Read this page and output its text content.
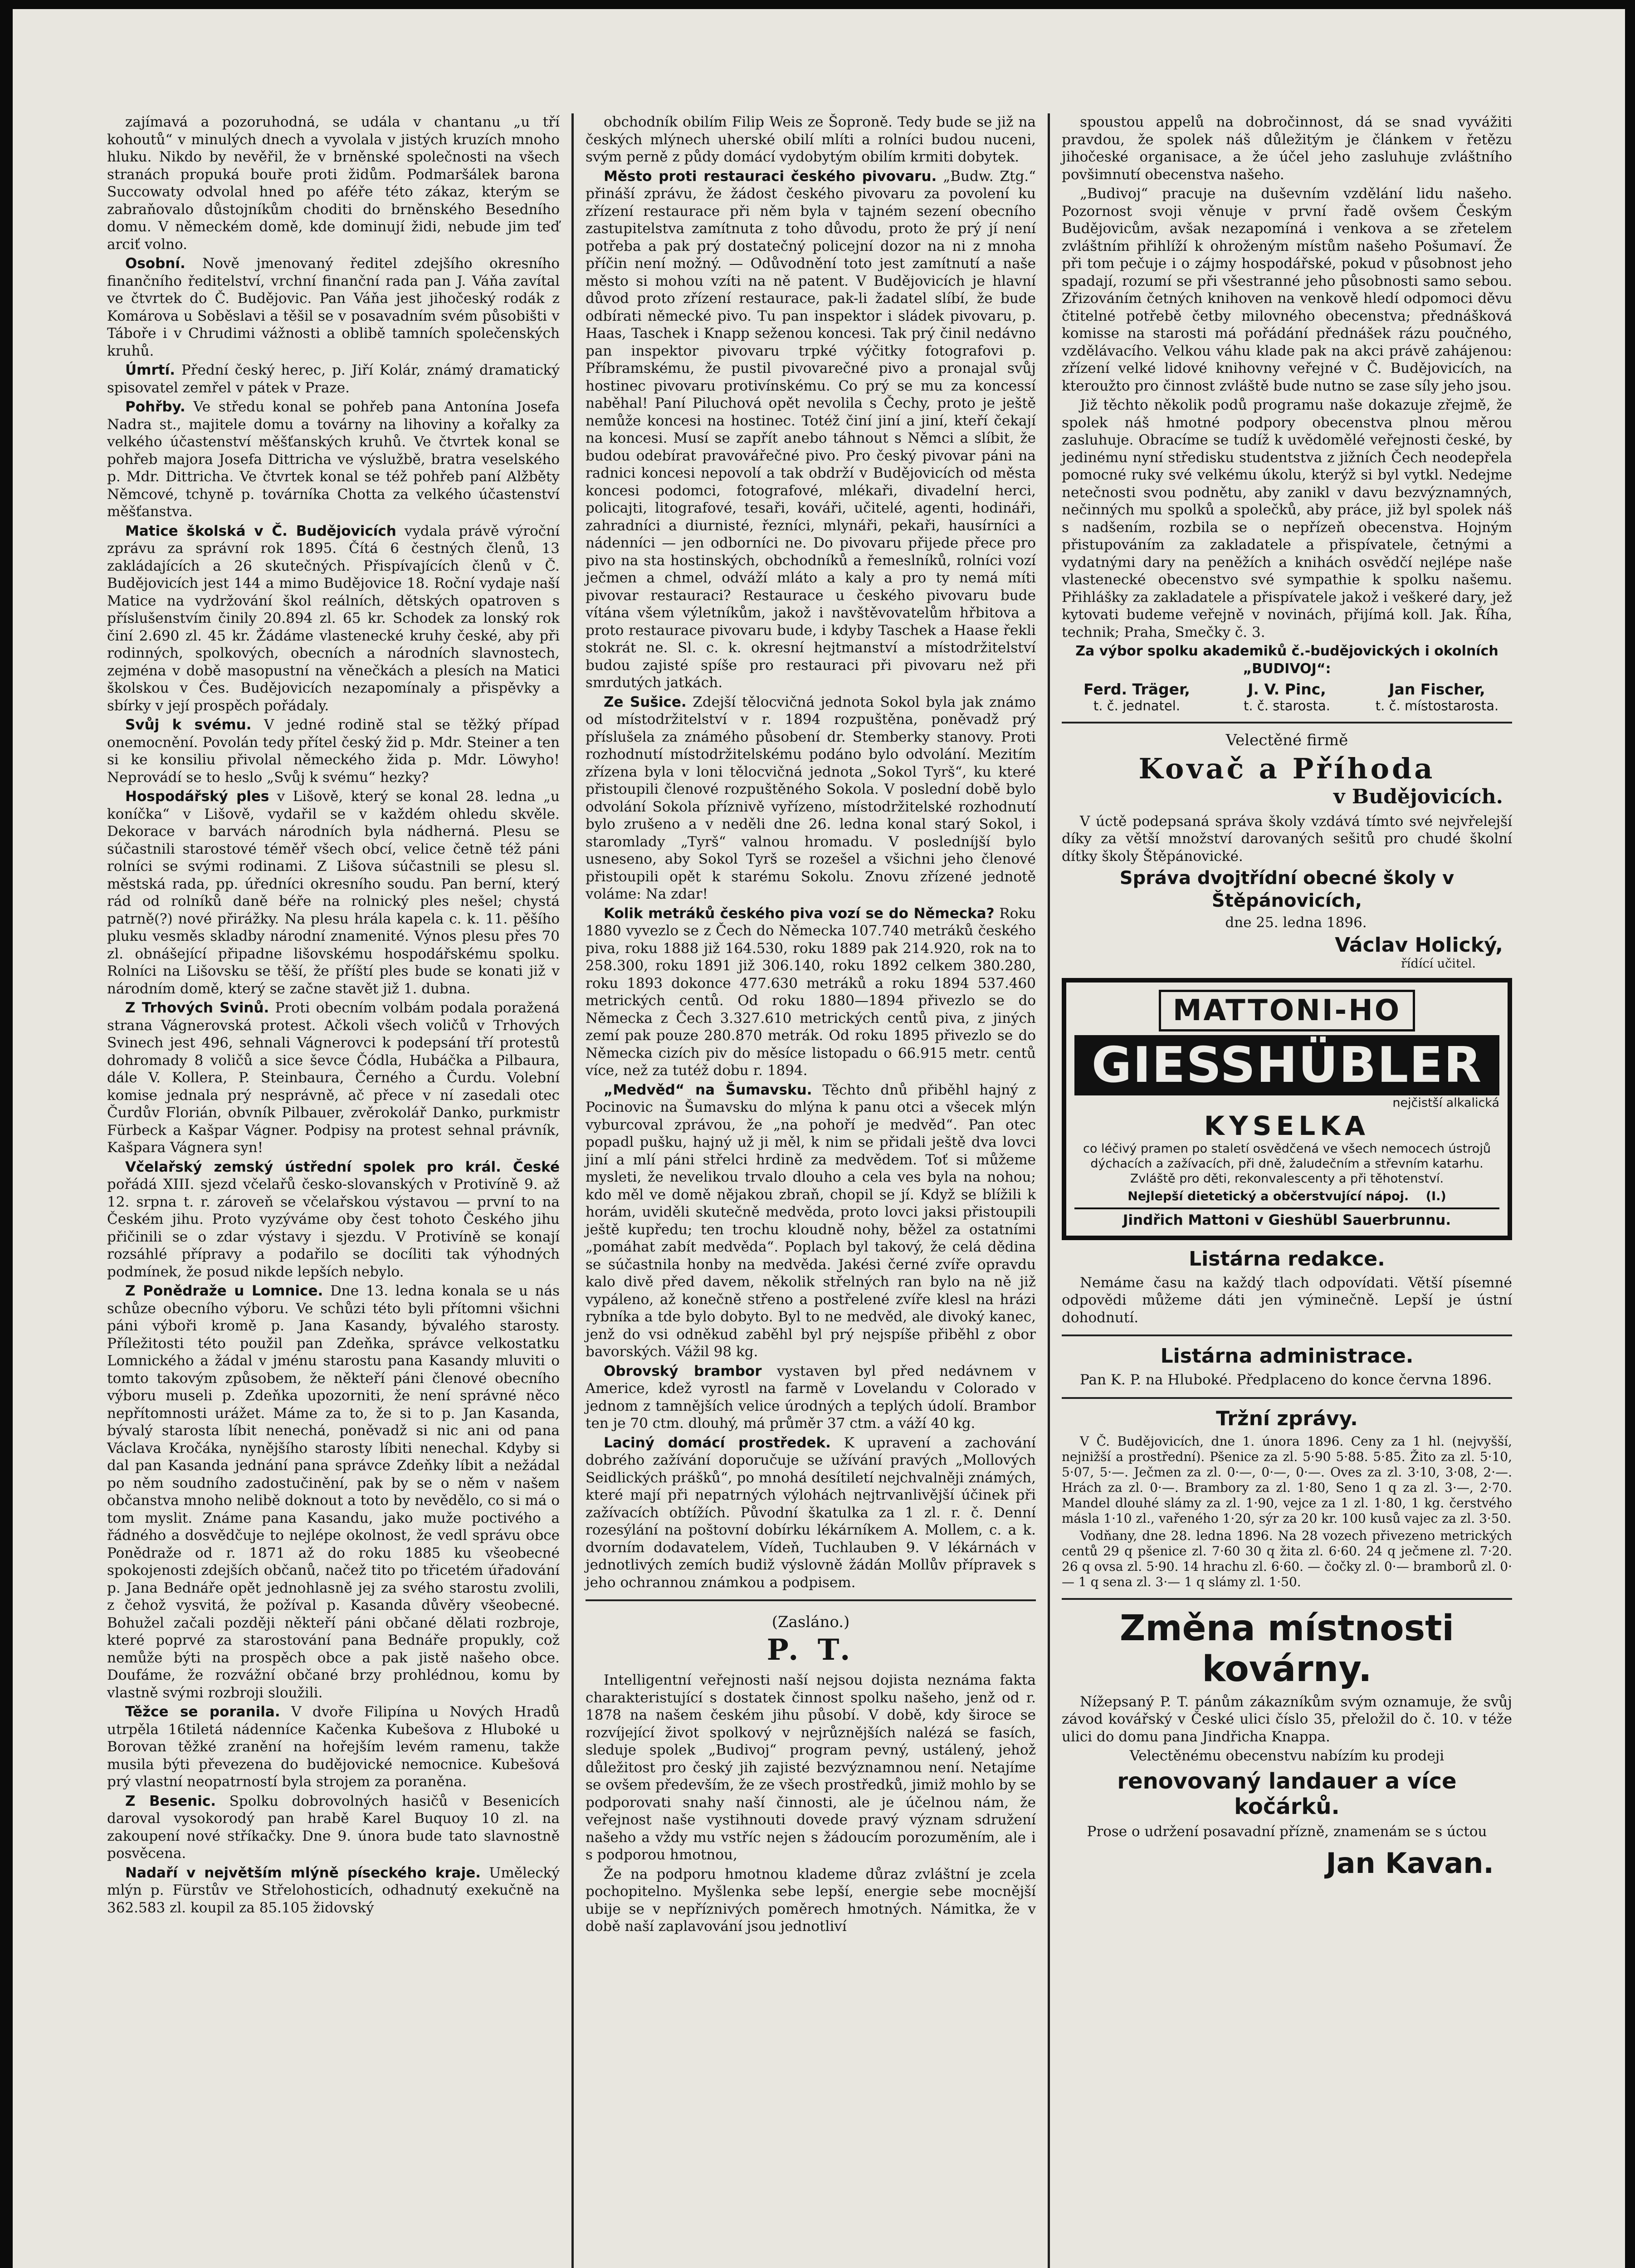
zajímavá a pozoruhodná, se udála v chantanu „u tří kohoutů“ v minulých dnech a vyvolala v jistých kruzích mnoho hluku. Nikdo by nevěřil, že v brněnské společnosti na všech stranách propuká bouře proti židům. Podmaršálek barona Succowaty odvolal hned po aféře této zákaz, kterým se zabraňovalo důstojníkům choditi do brněnského Besedního domu. V německém domě, kde dominují židi, nebude jim teď arciť volno.

Osobní. Nově jmenovaný ředitel zdejšího okresního finančního ředitelství, vrchní finanční rada pan J. Váňa zavítal ve čtvrtek do Č. Budějovic. Pan Váňa jest jihočeský rodák z Komárova u Soběslavi a těšil se v posavadním svém působišti v Táboře i v Chrudimi vážnosti a oblibě tamních společenských kruhů.

Úmrtí. Přední český herec, p. Jiří Kolár, známý dramatický spisovatel zemřel v pátek v Praze.

Pohřby. Ve středu konal se pohřeb pana Antonína Josefa Nadra st., majitele domu a továrny na lihoviny a kořalky za velkého účastenství měšťanských kruhů. Ve čtvrtek konal se pohřeb majora Josefa Dittricha ve výslužbě, bratra veselského p. Mdr. Dittricha. Ve čtvrtek konal se též pohřeb paní Alžběty Němcové, tchyně p. továrníka Chotta za velkého účastenství měšťanstva.

Matice školská v Č. Budějovicích vydala právě výroční zprávu za správní rok 1895. Čítá 6 čestných členů, 13 zakládajících a 26 skutečných. Přispívajících členů v Č. Budějovicích jest 144 a mimo Budějovice 18. Roční vydaje naší Matice na vydržování škol reálních, dětských opatroven s příslušenstvím činily 20.894 zl. 65 kr. Schodek za lonský rok činí 2.690 zl. 45 kr. Žádáme vlastenecké kruhy české, aby při rodinných, spolkových, obecních a národních slavnostech, zejména v době masopustní na věnečkách a plesích na Matici školskou v Čes. Budějovicích nezapomínaly a přispěvky a sbírky v její prospěch pořádaly.

Svůj k svému. V jedné rodině stal se těžký případ onemocnění. Povolán tedy přítel český žid p. Mdr. Steiner a ten si ke konsiliu přivolal německého žida p. Mdr. Löwyho! Neprovádí se to heslo „Svůj k svému“ hezky?

Hospodářský ples v Lišově, který se konal 28. ledna „u koníčka“ v Lišově, vydařil se v každém ohledu skvěle. Dekorace v barvách národních byla nádherná. Plesu se súčastnili starostové téměř všech obcí, velice četně též páni rolníci se svými rodinami. Z Lišova súčastnili se plesu sl. městská rada, pp. úředníci okresního soudu. Pan berní, který rád od rolníků daně béře na rolnický ples nešel; chystá patrně(?) nové přirážky. Na plesu hrála kapela c. k. 11. pěšího pluku vesměs skladby národní znamenité. Výnos plesu přes 70 zl. obnášející připadne lišovskému hospodářskému spolku. Rolníci na Lišovsku se těší, že příští ples bude se konati již v národním domě, který se začne stavět již 1. dubna.

Z Trhových Svinů. Proti obecním volbám podala poražená strana Vágnerovská protest. Ačkoli všech voličů v Trhových Svinech jest 496, sehnali Vágnerovci k podepsání tří protestů dohromady 8 voličů a sice ševce Čódla, Hubáčka a Pilbaura, dále V. Kollera, P. Steinbaura, Černého a Čurdu. Volební komise jednala prý nesprávně, ač přece v ní zasedali otec Čurdův Florián, obvník Pilbauer, zvěrokolář Danko, purkmistr Fürbeck a Kašpar Vágner. Podpisy na protest sehnal právník, Kašpara Vágnera syn!

Včelařský zemský ústřední spolek pro král. České pořádá XIII. sjezd včelařů česko-slovanských v Protivíně 9. až 12. srpna t. r. zároveň se včelařskou výstavou — první to na Českém jihu. Proto vyzýváme oby čest tohoto Českého jihu přičinili se o zdar výstavy i sjezdu. V Protivíně se konají rozsáhlé přípravy a podařilo se docíliti tak výhodných podmínek, že posud nikde lepších nebylo.

Z Ponědraže u Lomnice. Dne 13. ledna konala se u nás schůze obecního výboru. Ve schůzi této byli přítomni všichni páni výboři kromě p. Jana Kasandy, bývalého starosty. Příležitosti této použil pan Zdeňka, správce velkostatku Lomnického a žádal v jménu starostu pana Kasandy mluviti o tomto takovým způsobem, že někteří páni členové obecního výboru museli p. Zdeňka upozorniti, že není správné něco nepřítomnosti urážet. Máme za to, že si to p. Jan Kasanda, bývalý starosta líbit nenechá, poněvadž si nic ani od pana Václava Kročáka, nynějšího starosty líbiti nenechal. Kdyby si dal pan Kasanda jednání pana správce Zdeňky líbit a nežádal po něm soudního zadostučinění, pak by se o něm v našem občanstva mnoho nelibě doknout a toto by nevědělo, co si má o tom myslit. Známe pana Kasandu, jako muže poctivého a řádného a dosvědčuje to nejlépe okolnost, že vedl správu obce Ponědraže od r. 1871 až do roku 1885 ku všeobecné spokojenosti zdejších občanů, načež tito po třicetém úřadování p. Jana Bednáře opět jednohlasně jej za svého starostu zvolili, z čehož vysvitá, že požíval p. Kasanda důvěry všeobecné. Bohužel začali později někteří páni občané dělati rozbroje, které poprvé za starostování pana Bednáře propukly, což nemůže býti na prospěch obce a pak jistě našeho obce. Doufáme, že rozvážní občané brzy prohlédnou, komu by vlastně svými rozbroji sloužili.

Těžce se poranila. V dvoře Filipína u Nových Hradů utrpěla 16tiletá nádenníce Kačenka Kubešova z Hluboké u Borovan těžké zranění na hořejším levém ramenu, takže musila býti převezena do budějovické nemocnice. Kubešová prý vlastní neopatrností byla strojem za poraněna.

Z Besenic. Spolku dobrovolných hasičů v Besenicích daroval vysokorodý pan hrabě Karel Buquoy 10 zl. na zakoupení nové stříkačky. Dne 9. února bude tato slavnostně posvěcena.

Nadaří v největším mlýně píseckého kraje. Umělecký mlýn p. Fürstův ve Střelohosticích, odhadnutý exekučně na 362.583 zl. koupil za 85.105 židovský

obchodník obilím Filip Weis ze Šoproně. Tedy bude se již na českých mlýnech uherské obilí mlíti a rolníci budou nuceni, svým perně z půdy domácí vydobytým obilím krmiti dobytek.

Město proti restauraci českého pivovaru. „Budw. Ztg.“ přináší zprávu, že žádost českého pivovaru za povolení ku zřízení restaurace při něm byla v tajném sezení obecního zastupitelstva zamítnuta z toho důvodu, proto že prý jí není potřeba a pak prý dostatečný policejní dozor na ni z mnoha příčin není možný. — Odůvodnění toto jest zamítnutí a naše město si mohou vzíti na ně patent. V Budějovicích je hlavní důvod proto zřízení restaurace, pak-li žadatel slíbí, že bude odbírati německé pivo. Tu pan inspektor i sládek pivovaru, p. Haas, Taschek i Knapp seženou koncesi. Tak prý činil nedávno pan inspektor pivovaru trpké výčitky fotografovi p. Příbramskému, že pustil pivovarečné pivo a pronajal svůj hostinec pivovaru protivínskému. Co prý se mu za koncessí naběhal! Paní Piluchová opět nevolila s Čechy, proto je ještě nemůže koncesi na hostinec. Totéž činí jiní a jiní, kteří čekají na koncesi. Musí se zapřít anebo táhnout s Němci a slíbit, že budou odebírat pravovářečné pivo. Pro český pivovar páni na radnici koncesi nepovolí a tak obdrží v Budějovicích od města koncesi podomci, fotografové, mlékaři, divadelní herci, policajti, litografové, tesaři, kováři, učitelé, agenti, hodináři, zahradníci a diurnisté, řezníci, mlynáři, pekaři, hausírníci a nádenníci — jen odborníci ne. Do pivovaru přijede přece pro pivo na sta hostinských, obchodníků a řemeslníků, rolníci vozí ječmen a chmel, odváží mláto a kaly a pro ty nemá míti pivovar restauraci? Restaurace u českého pivovaru bude vítána všem výletníkům, jakož i navštěvovatelům hřbitova a proto restaurace pivovaru bude, i kdyby Taschek a Haase řekli stokrát ne. Sl. c. k. okresní hejtmanství a místodržitelství budou zajisté spíše pro restauraci při pivovaru než při smrdutých jatkách.

Ze Sušice. Zdejší tělocvičná jednota Sokol byla jak známo od místodržitelství v r. 1894 rozpuštěna, poněvadž prý příslušela za známého působení dr. Stemberky stanovy. Proti rozhodnutí místodržitelskému podáno bylo odvolání. Mezitím zřízena byla v loni tělocvičná jednota „Sokol Tyrš“, ku které přistoupili členové rozpuštěného Sokola. V poslední době bylo odvolání Sokola příznivě vyřízeno, místodržitelské rozhodnutí bylo zrušeno a v neděli dne 26. ledna konal starý Sokol, i staromlady „Tyrš“ valnou hromadu. V posledníjší bylo usneseno, aby Sokol Tyrš se rozešel a všichni jeho členové přistoupili opět k starému Sokolu. Znovu zřízené jednotě voláme: Na zdar!

Kolik metráků českého piva vozí se do Německa? Roku 1880 vyvezlo se z Čech do Německa 107.740 metráků českého piva, roku 1888 již 164.530, roku 1889 pak 214.920, rok na to 258.300, roku 1891 již 306.140, roku 1892 celkem 380.280, roku 1893 dokonce 477.630 metráků a roku 1894 537.460 metrických centů. Od roku 1880—1894 přivezlo se do Německa z Čech 3.327.610 metrických centů piva, z jiných zemí pak pouze 280.870 metrák. Od roku 1895 přivezlo se do Německa cizích piv do měsíce listopadu o 66.915 metr. centů více, než za tutéž dobu r. 1894.

„Medvěd“ na Šumavsku. Těchto dnů přiběhl hajný z Pocinovic na Šumavsku do mlýna k panu otci a všecek mlýn vyburcoval zprávou, že „na pohoří je medvěd“. Pan otec popadl pušku, hajný už ji měl, k nim se přidali ještě dva lovci jiní a mlí páni střelci hrdině za medvědem. Toť si můžeme mysleti, že nevelikou trvalo dlouho a cela ves byla na nohou; kdo měl ve domě nějakou zbraň, chopil se jí. Když se blížili k horám, uviděli skutečně medvěda, proto lovci jaksi přistoupili ještě kupředu; ten trochu kloudně nohy, běžel za ostatními „pomáhat zabít medvěda“. Poplach byl takový, že celá dědina se súčastnila honby na medvěda. Jakési černé zvíře opravdu kalo divě před davem, několik střelných ran bylo na ně již vypáleno, až konečně střeno a postřelené zvíře klesl na hrázi rybníka a tde bylo dobyto. Byl to ne medvěd, ale divoký kanec, jenž do vsi odněkud zaběhl byl prý nejspíše přiběhl z obor bavorských. Vážil 98 kg.

Obrovský brambor vystaven byl před nedávnem v Americe, kdež vyrostl na farmě v Lovelandu v Colorado v jednom z tamnějších velice úrodných a teplých údolí. Brambor ten je 70 ctm. dlouhý, má průměr 37 ctm. a váží 40 kg.

Laciný domácí prostředek. K upravení a zachování dobrého zažívání doporučuje se užívání pravých „Mollových Seidlických prášků“, po mnohá desítiletí nejchvalněji známých, které mají při nepatrných výlohách nejtrvanlivější účinek při zažívacích obtížích. Původní škatulka za 1 zl. r. č. Denní rozesýlání na poštovní dobírku lékárníkem A. Mollem, c. a k. dvorním dodavatelem, Vídeň, Tuchlauben 9. V lékárnách v jednotlivých zemích budiž výslovně žádán Mollův přípravek s jeho ochrannou známkou a podpisem.

(Zasláno.)
P. T.

Intelligentní veřejnosti naší nejsou dojista neznáma fakta charakteristující s dostatek činnost spolku našeho, jenž od r. 1878 na našem českém jihu působí. V době, kdy široce se rozvíjející život spolkový v nejrůznějších nalézá se fasích, sleduje spolek „Budivoj“ program pevný, ustálený, jehož důležitost pro český jih zajisté bezvýznamnou není. Netajíme se ovšem především, že ze všech prostředků, jimiž mohlo by se podporovati snahy naší činnosti, ale je účelnou nám, že veřejnost naše vystihnouti dovede pravý význam sdružení našeho a vždy mu vstříc nejen s žádoucím porozuměním, ale i s podporou hmotnou,

Že na podporu hmotnou klademe důraz zvláštní je zcela pochopitelno. Myšlenka sebe lepší, energie sebe mocnější ubije se v nepříznivých poměrech hmotných. Námitka, že v době naší zaplavování jsou jednotliví

spoustou appelů na dobročinnost, dá se snad vyvážiti pravdou, že spolek náš důležitým je článkem v řetězu jihočeské organisace, a že účel jeho zasluhuje zvláštního povšimnutí obecenstva našeho.

„Budivoj“ pracuje na duševním vzdělání lidu našeho. Pozornost svoji věnuje v první řadě ovšem Českým Budějovicům, avšak nezapomíná i venkova a se zřetelem zvláštním přihlíží k ohroženým místům našeho Pošumaví. Že při tom pečuje i o zájmy hospodářské, pokud v působnost jeho spadají, rozumí se při všestranné jeho působnosti samo sebou. Zřizováním četných knihoven na venkově hledí odpomoci děvu čtitelné potřebě četby milovného obecenstva; přednášková komisse na starosti má pořádání přednášek rázu poučného, vzdělávacího. Velkou váhu klade pak na akci právě zahájenou: zřízení velké lidové knihovny veřejné v Č. Budějovicích, na kteroužto pro činnost zvláště bude nutno se zase síly jeho jsou.

Již těchto několik podů programu naše dokazuje zřejmě, že spolek náš hmotné podpory obecenstva plnou měrou zasluhuje. Obracíme se tudíž k uvědomělé veřejnosti české, by jedinému nyní středisku studentstva z jižních Čech neodepřela pomocné ruky své velkému úkolu, kterýž si byl vytkl. Nedejme netečnosti svou podnětu, aby zanikl v davu bezvýznamných, nečinných mu spolků a společků, aby práce, již byl spolek náš s nadšením, rozbila se o nepřízeň obecenstva. Hojným přistupováním za zakladatele a přispívatele, četnými a vydatnými dary na peněžích a knihách osvědčí nejlépe naše vlastenecké obecenstvo své sympathie k spolku našemu. Přihlášky za zakladatele a přispívatele jakož i veškeré dary, jež kytovati budeme veřejně v novinách, přijímá koll. Jak. Říha, technik; Praha, Smečky č. 3.

Za výbor spolku akademiků č.-budějovických i okolních „BUDIVOJ“:

Ferd. Träger,
t. č. jednatel.
J. V. Pinc,
t. č. starosta.
Jan Fischer,
t. č. místostarosta.

Velectěné firmě

Kovač a Příhoda
v Budějovicích.

V úctě podepsaná správa školy vzdává tímto své nejvřelejší díky za větší množství darovaných sešitů pro chudé školní dítky školy Štěpánovické.

Správa dvojtřídní obecné školy v Štěpánovicích,

dne 25. ledna 1896.

Václav Holický,
řídící učitel.
MATTONI-HO
GIESSHÜBLER
nejčistší alkalická
KYSELKA
co léčivý pramen po staletí osvědčená ve všech nemocech ústrojů dýchacích a zažívacích, při dně, žaludečním a střevním katarhu. Zvláště pro děti, rekonvalescenty a při těhotenství.
Nejlepší dietetický a občerstvující nápoj. (I.)
Jindřich Mattoni v Gieshübl Sauerbrunnu.
Listárna redakce.

Nemáme času na každý tlach odpovídati. Větší písemné odpovědi můžeme dáti jen výminečně. Lepší je ústní dohodnutí.

Listárna administrace.

Pan K. P. na Hluboké. Předplaceno do konce června 1896.

Tržní zprávy.

V Č. Budějovicích, dne 1. února 1896. Ceny za 1 hl. (nejvyšší, nejnižší a prostřední). Pšenice za zl. 5·90 5·88. 5·85. Žito za zl. 5·10, 5·07, 5·—. Ječmen za zl. 0·—, 0·—, 0·—. Oves za zl. 3·10, 3·08, 2·—. Hrách za zl. 0·—. Brambory za zl. 1·80, Seno 1 q za zl. 3·—, 2·70. Mandel dlouhé slámy za zl. 1·90, vejce za 1 zl. 1·80, 1 kg. čerstvého másla 1·10 zl., vařeného 1·20, sýr za 20 kr. 100 kusů vajec za zl. 3·50.

Vodňany, dne 28. ledna 1896. Na 28 vozech přivezeno metrických centů 29 q pšenice zl. 7·60 30 q žita zl. 6·60. 24 q ječmene zl. 7·20. 26 q ovsa zl. 5·90. 14 hrachu zl. 6·60. — čočky zl. 0·— bramborů zl. 0·— 1 q sena zl. 3·— 1 q slámy zl. 1·50.

Změna místnosti kovárny.

Nížepsaný P. T. pánům zákazníkům svým oznamuje, že svůj závod kovářský v České ulici číslo 35, přeložil do č. 10. v téže ulici do domu pana Jindřicha Knappa.

Velectěnému obecenstvu nabízím ku prodeji

renovovaný landauer a více kočárků.

Prose o udržení posavadní přízně, znamenám se s úctou

Jan Kavan.
